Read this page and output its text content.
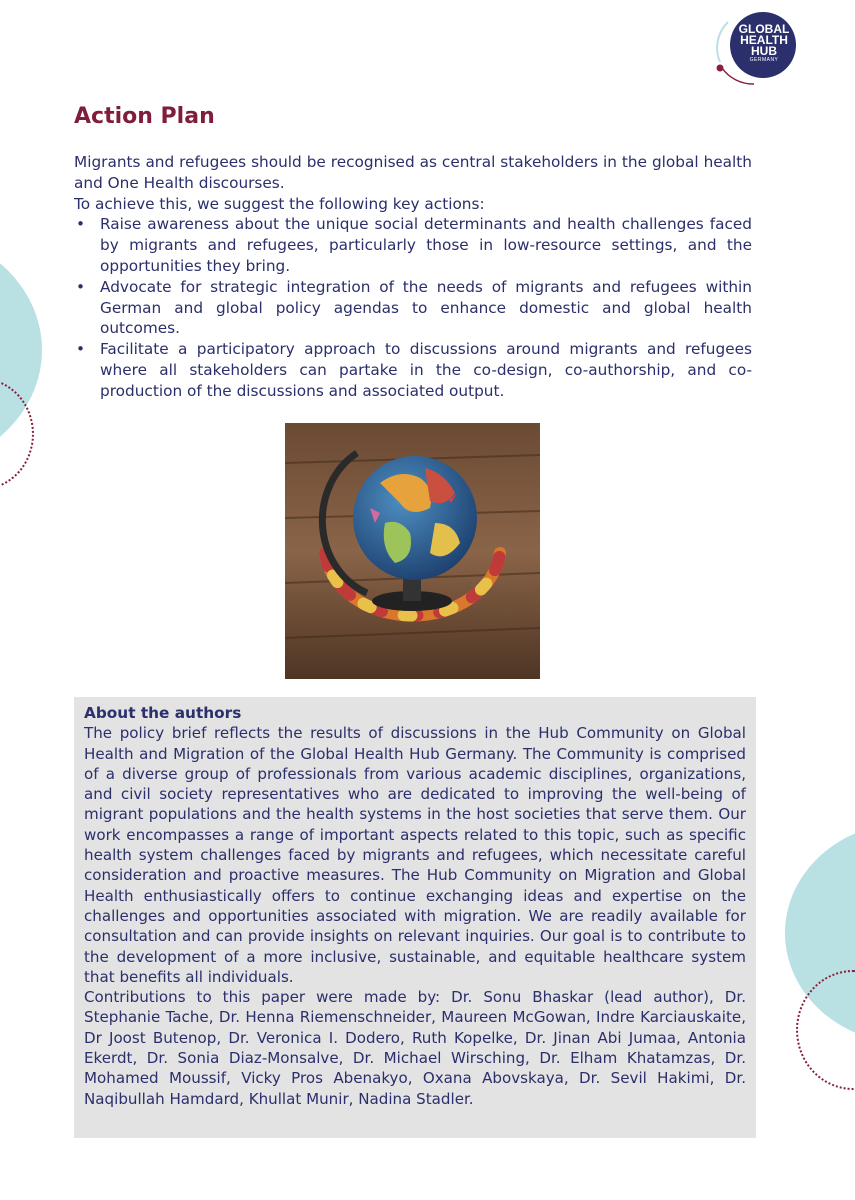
GLOBAL
HEALTH
HUB
GERMANY
Action Plan

Migrants and refugees should be recognised as central stakeholders in the global health and One Health discourses.

To achieve this, we suggest the following key actions:

• Raise awareness about the unique social determinants and health challenges faced by migrants and refugees, particularly those in low-resource settings, and the opportunities they bring.
• Advocate for strategic integration of the needs of migrants and refugees within German and global policy agendas to enhance domestic and global health outcomes.
• Facilitate a participatory approach to discussions around migrants and refugees where all stakeholders can partake in the co-design, co-authorship, and co-production of the discussions and associated output.
About the authors

The policy brief reflects the results of discussions in the Hub Community on Global Health and Migration of the Global Health Hub Germany. The Community is comprised of a diverse group of professionals from various academic disciplines, organizations, and civil society representatives who are dedicated to improving the well-being of migrant populations and the health systems in the host societies that serve them. Our work encompasses a range of important aspects related to this topic, such as specific health system challenges faced by migrants and refugees, which necessitate careful consideration and proactive measures. The Hub Community on Migration and Global Health enthusiastically offers to continue exchanging ideas and expertise on the challenges and opportunities associated with migration. We are readily available for consultation and can provide insights on relevant inquiries. Our goal is to contribute to the development of a more inclusive, sustainable, and equitable healthcare system that benefits all individuals.

Contributions to this paper were made by: Dr. Sonu Bhaskar (lead author), Dr. Stephanie Tache, Dr. Henna Riemenschneider, Maureen McGowan, Indre Karciauskaite, Dr Joost Butenop, Dr. Veronica I. Dodero, Ruth Kopelke, Dr. Jinan Abi Jumaa, Antonia Ekerdt, Dr. Sonia Diaz-Monsalve, Dr. Michael Wirsching, Dr. Elham Khatamzas, Dr. Mohamed Moussif, Vicky Pros Abenakyo, Oxana Abovskaya, Dr. Sevil Hakimi, Dr. Naqibullah Hamdard, Khullat Munir, Nadina Stadler.
